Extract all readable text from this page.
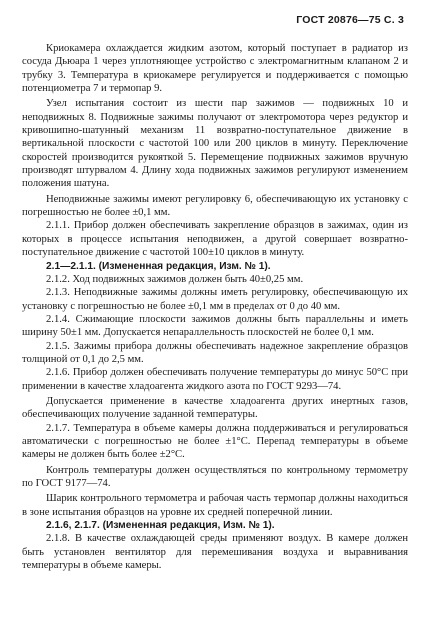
ГОСТ 20876—75 С. 3

Криокамера охлаждается жидким азотом, который поступает в радиатор из сосуда Дьюара 1 через уплотняющее устройство с электромагнитным клапаном 2 и трубку 3. Температура в криокамере регулируется и поддерживается с помощью потенциометра 7 и термопар 9.

Узел испытания состоит из шести пар зажимов — подвижных 10 и неподвижных 8. Подвижные зажимы получают от электромотора через редуктор и кривошипно-шатунный механизм 11 возвратно-поступательное движение в вертикальной плоскости с частотой 100 или 200 циклов в минуту. Переключение скоростей производится рукояткой 5. Перемещение подвижных зажимов вручную производят штурвалом 4. Длину хода подвижных зажимов регулируют изменением положения шатуна.

Неподвижные зажимы имеют регулировку 6, обеспечивающую их установку с погрешностью не более ±0,1 мм.

2.1.1. Прибор должен обеспечивать закрепление образцов в зажимах, один из которых в процессе испытания неподвижен, а другой совершает возвратно-поступательное движение с частотой 100±10 циклов в минуту.

2.1—2.1.1. (Измененная редакция, Изм. № 1).

2.1.2. Ход подвижных зажимов должен быть 40±0,25 мм.

2.1.3. Неподвижные зажимы должны иметь регулировку, обеспечивающую их установку с погрешностью не более ±0,1 мм в пределах от 0 до 40 мм.

2.1.4. Сжимающие плоскости зажимов должны быть параллельны и иметь ширину 50±1 мм. Допускается непараллельность плоскостей не более 0,1 мм.

2.1.5. Зажимы прибора должны обеспечивать надежное закрепление образцов толщиной от 0,1 до 2,5 мм.

2.1.6. Прибор должен обеспечивать получение температуры до минус 50°С при применении в качестве хладоагента жидкого азота по ГОСТ 9293—74.

Допускается применение в качестве хладоагента других инертных газов, обеспечивающих получение заданной температуры.

2.1.7. Температура в объеме камеры должна поддерживаться и регулироваться автоматически с погрешностью не более ±1°С. Перепад температуры в объеме камеры не должен быть более ±2°С.

Контроль температуры должен осуществляться по контрольному термометру по ГОСТ 9177—74.

Шарик контрольного термометра и рабочая часть термопар должны находиться в зоне испытания образцов на уровне их средней поперечной линии.

2.1.6, 2.1.7. (Измененная редакция, Изм. № 1).

2.1.8. В качестве охлаждающей среды применяют воздух. В камере должен быть установлен вентилятор для перемешивания воздуха и выравнивания температуры в объеме камеры.
